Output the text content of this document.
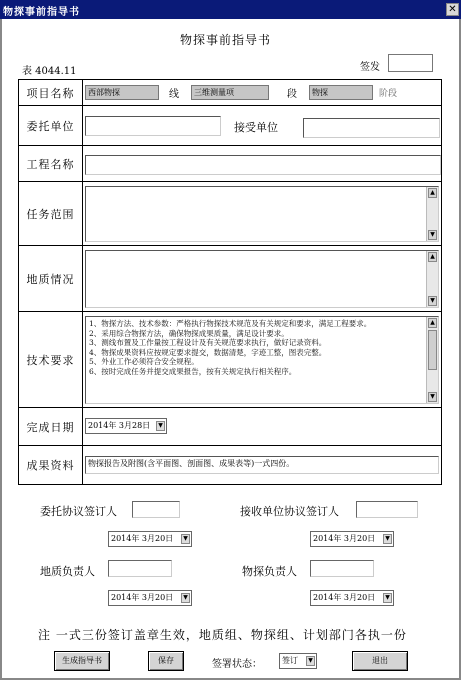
物探事前指导书	✕
物探事前指导书
表 4044.11	签发
项目名称	西部物探	线	三维测量项	段	物探	阶段
委托单位	接受单位
工程名称
任务范围
▲
▼
地质情况
▲
▼
技术要求
1、物探方法、技术参数：严格执行物探技术规范及有关规定和要求，满足工程要求。
2、采用综合物探方法，确保物探成果质量，满足设计要求。
3、测线布置及工作量按工程设计及有关规范要求执行，做好记录资料。
4、物探成果资料应按规定要求提交，数据清楚，字迹工整，图表完整。
5、外业工作必须符合安全规程。
6、按时完成任务并提交成果报告，按有关规定执行相关程序。
▲
▼
完成日期	2014年 3月28日	▼
成果资料	物探报告及附图(含平面图、剖面图、成果表等)一式四份。
委托协议签订人	接收单位协议签订人
2014年 3月20日	▼	2014年 3月20日	▼
地质负责人	物探负责人
2014年 3月20日	▼	2014年 3月20日	▼
注 一式三份签订盖章生效，地质组、物探组、计划部门各执一份
生成指导书	保存	签署状态：	签订	▼	退出
